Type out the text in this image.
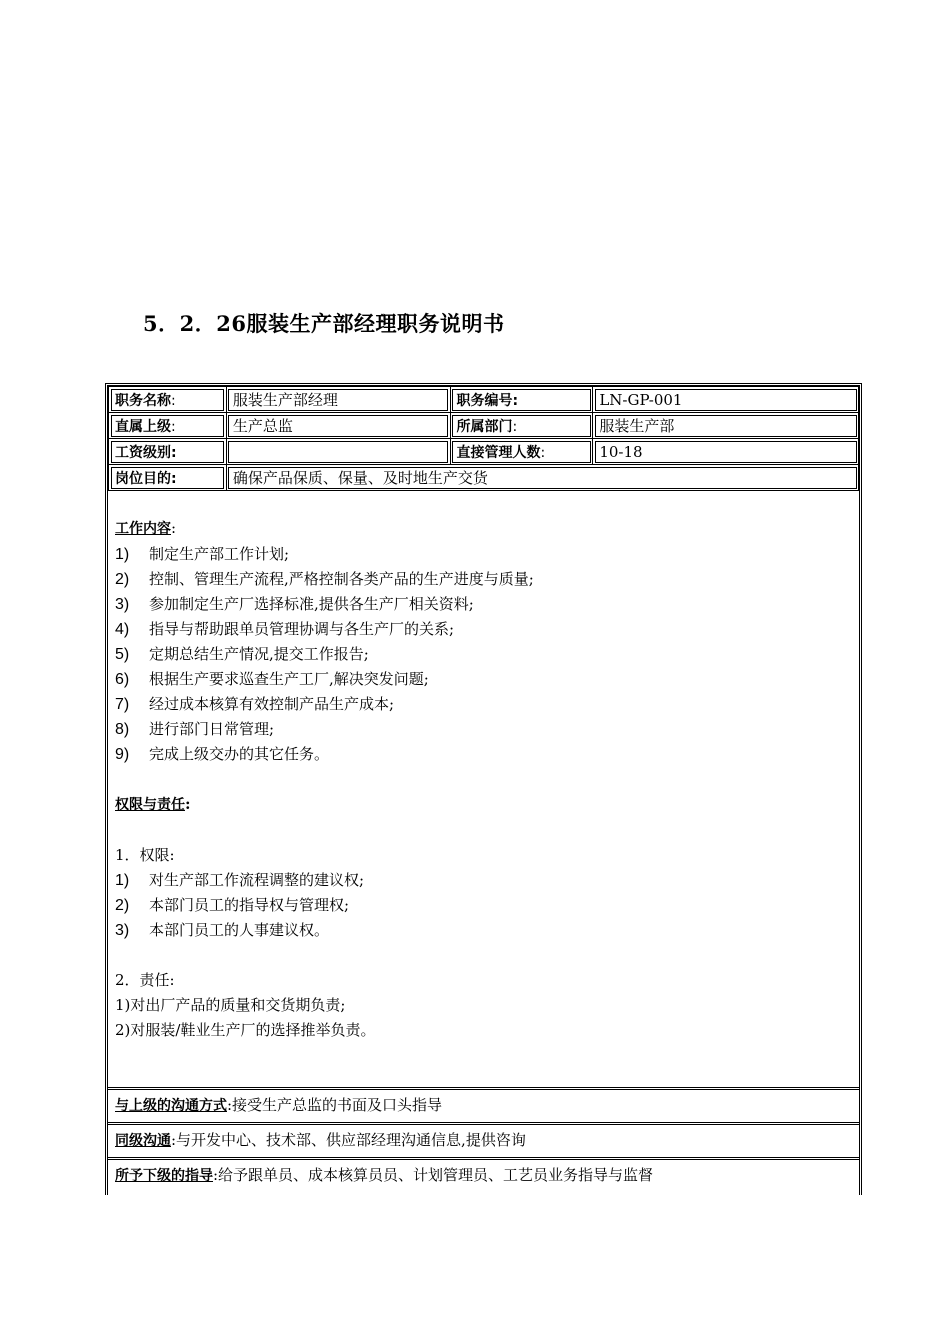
5．2．26服装生产部经理职务说明书
职务名称:	服装生产部经理	职务编号:	LN-GP-001
直属上级:	生产总监	所属部门:	服装生产部
工资级别:		直接管理人数:	10-18
岗位目的:	确保产品保质、保量、及时地生产交货		
工作内容:
1)	制定生产部工作计划;
2)	控制、管理生产流程,严格控制各类产品的生产进度与质量;
3)	参加制定生产厂选择标准,提供各生产厂相关资料;
4)	指导与帮助跟单员管理协调与各生产厂的关系;
5)	定期总结生产情况,提交工作报告;
6)	根据生产要求巡查生产工厂,解决突发问题;
7)	经过成本核算有效控制产品生产成本;
8)	进行部门日常管理;
9)	完成上级交办的其它任务。
权限与责任:
1．权限:
1)	对生产部工作流程调整的建议权;
2)	本部门员工的指导权与管理权;
3)	本部门员工的人事建议权。
2．责任:
1)对出厂产品的质量和交货期负责;
2)对服装/鞋业生产厂的选择推举负责。
与上级的沟通方式:接受生产总监的书面及口头指导
同级沟通:与开发中心、技术部、供应部经理沟通信息,提供咨询
所予下级的指导:给予跟单员、成本核算员员、计划管理员、工艺员业务指导与监督
